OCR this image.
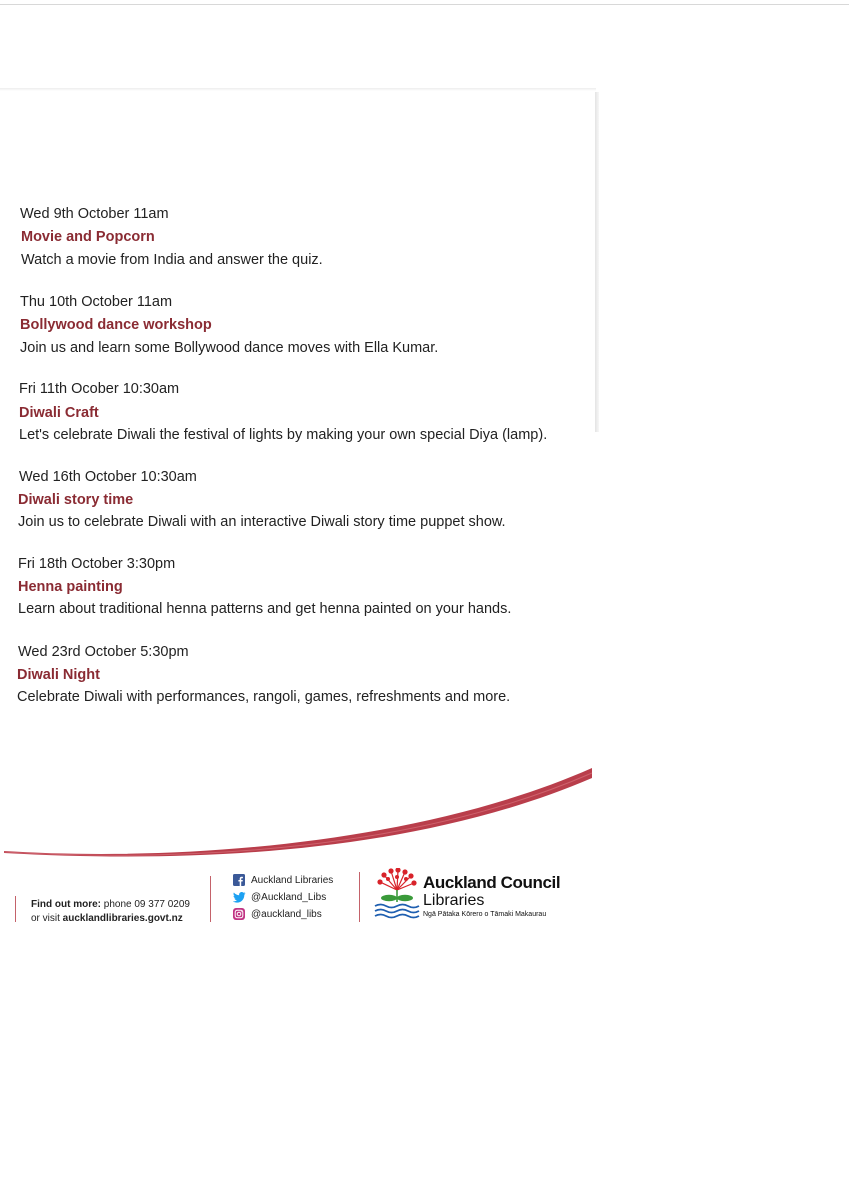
Wed 9th October 11am
Movie and Popcorn
Watch a movie from India and answer the quiz.
Thu 10th October 11am
Bollywood dance workshop
Join us and learn some Bollywood dance moves with Ella Kumar.
Fri 11th Ocober 10:30am
Diwali Craft
Let's celebrate Diwali the festival of lights by making your own special Diya (lamp).
Wed 16th October 10:30am
Diwali story time
Join us to celebrate Diwali with an interactive Diwali story time puppet show.
Fri 18th October 3:30pm
Henna painting
Learn about traditional henna patterns and get henna painted on your hands.
Wed 23rd October 5:30pm
Diwali Night
Celebrate Diwali with performances, rangoli, games, refreshments and more.
Find out more: phone 09 377 0209
or visit aucklandlibraries.govt.nz
Auckland Libraries
@Auckland_Libs
@auckland_libs
Auckland Council
Libraries
Ngā Pātaka Kōrero o Tāmaki Makaurau
